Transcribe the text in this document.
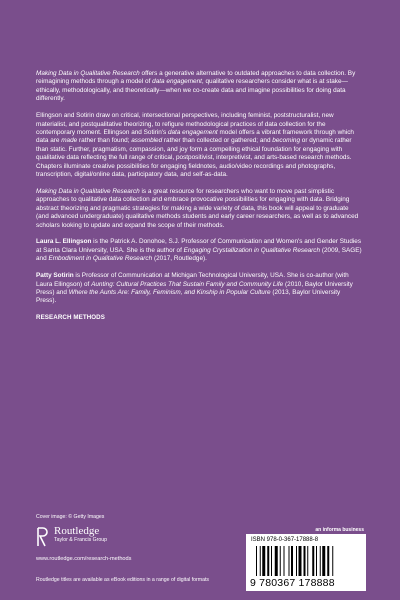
Making Data in Qualitative Research offers a generative alternative to outdated approaches to data collection. By reimagining methods through a model of data engagement, qualitative researchers consider what is at stake—ethically, methodologically, and theoretically—when we co-create data and imagine possibilities for doing data differently.

Ellingson and Sotirin draw on critical, intersectional perspectives, including feminist, poststructuralist, new materialist, and postqualitative theorizing, to refigure methodological practices of data collection for the contemporary moment. Ellingson and Sotirin's data engagement model offers a vibrant framework through which data are made rather than found; assembled rather than collected or gathered; and becoming or dynamic rather than static. Further, pragmatism, compassion, and joy form a compelling ethical foundation for engaging with qualitative data reflecting the full range of critical, postpositivist, interpretivist, and arts-based research methods. Chapters illuminate creative possibilities for engaging fieldnotes, audio/video recordings and photographs, transcription, digital/online data, participatory data, and self-as-data.

Making Data in Qualitative Research is a great resource for researchers who want to move past simplistic approaches to qualitative data collection and embrace provocative possibilities for engaging with data. Bridging abstract theorizing and pragmatic strategies for making a wide variety of data, this book will appeal to graduate (and advanced undergraduate) qualitative methods students and early career researchers, as well as to advanced scholars looking to update and expand the scope of their methods.

Laura L. Ellingson is the Patrick A. Donohoe, S.J. Professor of Communication and Women's and Gender Studies at Santa Clara University, USA. She is the author of Engaging Crystallization in Qualitative Research (2009, SAGE) and Embodiment in Qualitative Research (2017, Routledge).

Patty Sotirin is Professor of Communication at Michigan Technological University, USA. She is co-author (with Laura Ellingson) of Aunting: Cultural Practices That Sustain Family and Community Life (2010, Baylor University Press) and Where the Aunts Are: Family, Feminism, and Kinship in Popular Culture (2013, Baylor University Press).

RESEARCH METHODS

Cover image: © Getty Images
Routledge
Taylor & Francis Group
www.routledge.com/research-methods
Routledge titles are available as eBook editions in a range of digital formats
an informa business
ISBN 978-0-367-17888-8
9 780367 178888
